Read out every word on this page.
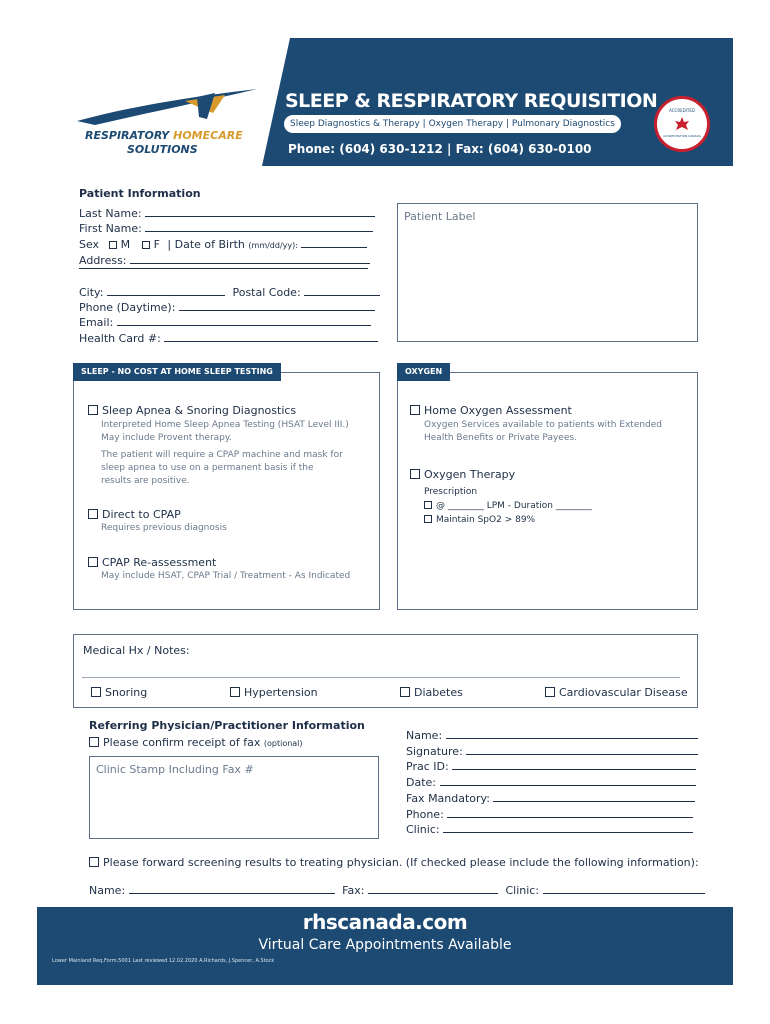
RESPIRATORY HOMECARE
SOLUTIONS
SLEEP & RESPIRATORY REQUISITION
Sleep Diagnostics & Therapy | Oxygen Therapy | Pulmonary Diagnostics
Phone: (604) 630-1212 | Fax: (604) 630-0100
ACCREDITED
ACCREDITATION CANADA
Patient Information
Last Name:
First Name:
Sex M F | Date of Birth (mm/dd/yy):
Address:
City:	Postal Code:
Phone (Daytime):
Email:
Health Card #:
Patient Label
SLEEP - NO COST AT HOME SLEEP TESTING
Sleep Apnea & Snoring Diagnostics
Interpreted Home Sleep Apnea Testing (HSAT Level III.)
May include Provent therapy.
The patient will require a CPAP machine and mask for
sleep apnea to use on a permanent basis if the
results are positive.
Direct to CPAP
Requires previous diagnosis
CPAP Re-assessment
May include HSAT, CPAP Trial / Treatment - As Indicated
OXYGEN
Home Oxygen Assessment
Oxygen Services available to patients with Extended
Health Benefits or Private Payees.
Oxygen Therapy
Prescription
@ ________ LPM - Duration ________
Maintain SpO2 > 89%
Medical Hx / Notes:
Snoring	Hypertension	Diabetes	Cardiovascular Disease
Referring Physician/Practitioner Information
Please confirm receipt of fax (optional)
Clinic Stamp Including Fax #
Name:
Signature:
Prac ID:
Date:
Fax Mandatory:
Phone:
Clinic:
Please forward screening results to treating physician. (If checked please include the following information):
Name:	Fax:	Clinic:
rhscanada.com
Virtual Care Appointments Available
Lower Mainland Req.Form.5001 Last reviewed 12.02.2020 A.Richards, J.Spencer, A.Stock
